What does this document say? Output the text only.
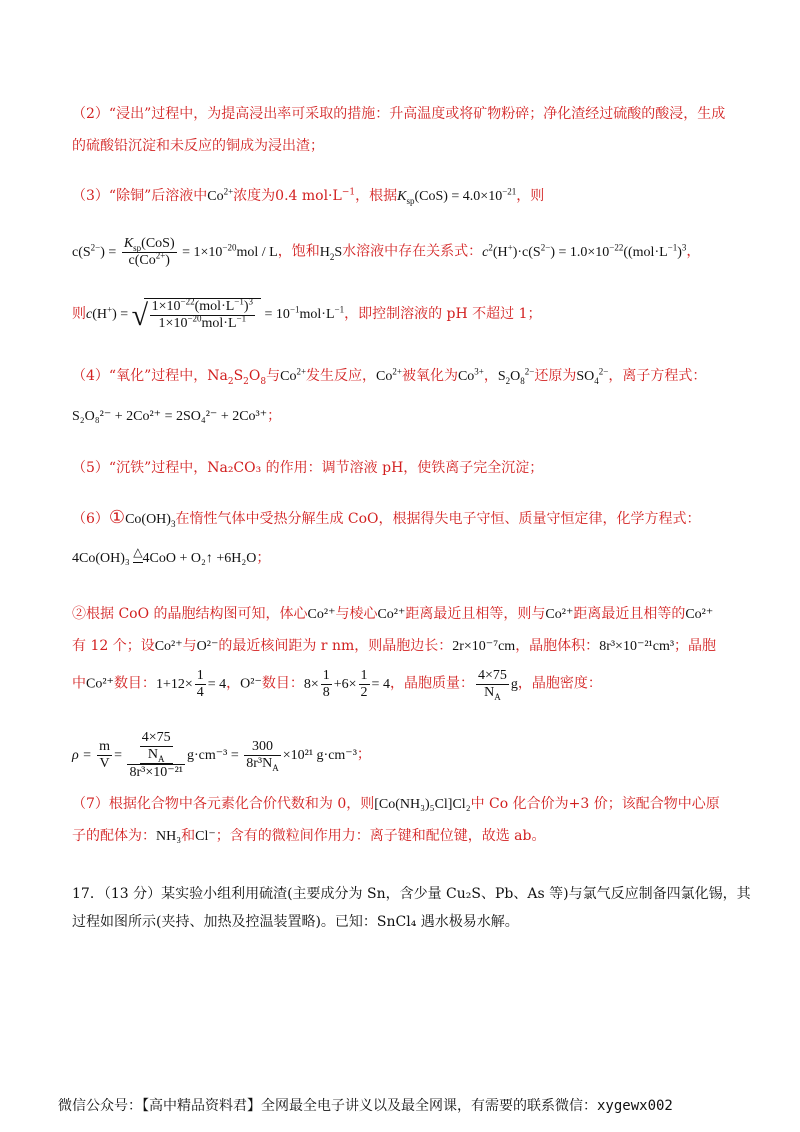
（2）“浸出”过程中，为提高浸出率可采取的措施：升高温度或将矿物粉碎；净化渣经过硫酸的酸浸，生成
的硫酸铅沉淀和未反应的铜成为浸出渣；
（3）“除铜”后溶液中$Co^{2+}$浓度为0.4 $mol\cdot L^{-1}$，根据$K_{sp}(CoS) = 4.0\times 10^{-21}$，则
$c(S^{2-}) = \frac{K_{sp}(CoS)}{c(Co^{2+})} = 1\times 10^{-20}mol / L$，饱和$H_2S$水溶液中存在关系式：$c^2(H^+)\cdot c(S^{2-}) = 1.0\times 10^{-22}((mol\cdot L^{-1})^3$，
则c(H+) = √ $\frac{1\times 10^{-22}(mol\cdot L^{-1})^3}{1\times 10^{-20}mol\cdot L^{-1}} = 10^{-1}mol\cdot L^{-1}$，即控制溶液的 pH 不超过 1；
（4）“氧化”过程中，$Na_2S_2O_8$与$Co^{2+}$发生反应，$Co^{2+}$被氧化为$Co^{3+}$，$S_2O_8^{2-}$还原为$SO_4^{2-}$，离子方程式：
S₂O₈²⁻ + 2Co²⁺ = 2SO₄²⁻ + 2Co³⁺；
（5）“沉铁”过程中，Na₂CO₃ 的作用：调节溶液 pH，使铁离子完全沉淀；
$(6)①Co(OH)_3$在惰性气体中受热分解生成 CoO，根据得失电子守恒、质量守恒定律，化学方程式：
4Co(OH)₃ △4CoO + O₂↑ +6H₂O；
②根据 CoO 的晶胞结构图可知，体心Co²⁺与棱心Co²⁺距离最近且相等，则与Co²⁺距离最近且相等的Co²⁺
有 12 个；设Co²⁺与O²⁻的最近核间距为 r nm，则晶胞边长：2r×10⁻⁷cm，晶胞体积：8r³×10⁻²¹cm³；晶胞
中Co²⁺数目：$1+12\times \frac{1}{4} = 4$，O²⁻数目：$8\times \frac{1}{8} +6\times \frac{1}{2} = 4$，晶胞质量： $\frac{4\times 75}{N_A}$ g，晶胞密度：
$\rho = \frac{m}{V} = \frac{\frac{4\times 75}{N_A}}{\text{8r³×10⁻²¹}} g\cdot cm^{-3} = \frac{300}{8r^3N_A} \times 10^{21}$ g·cm⁻³；
（7）根据化合物中各元素化合价代数和为 0，则[Co(NH₃)₅Cl]Cl₂中 Co 化合价为+3 价；该配合物中心原
子的配体为：NH₃和Cl⁻；含有的微粒间作用力：离子键和配位键，故选 ab。
17．（13 分）某实验小组利用硫渣(主要成分为 Sn，含少量 Cu₂S、Pb、As 等)与氯气反应制备四氯化锡，其
过程如图所示(夹持、加热及控温装置略)。已知：SnCl₄ 遇水极易水解。
微信公众号：【高中精品资料君】全网最全电子讲义以及最全网课，有需要的联系微信：xygewx002
